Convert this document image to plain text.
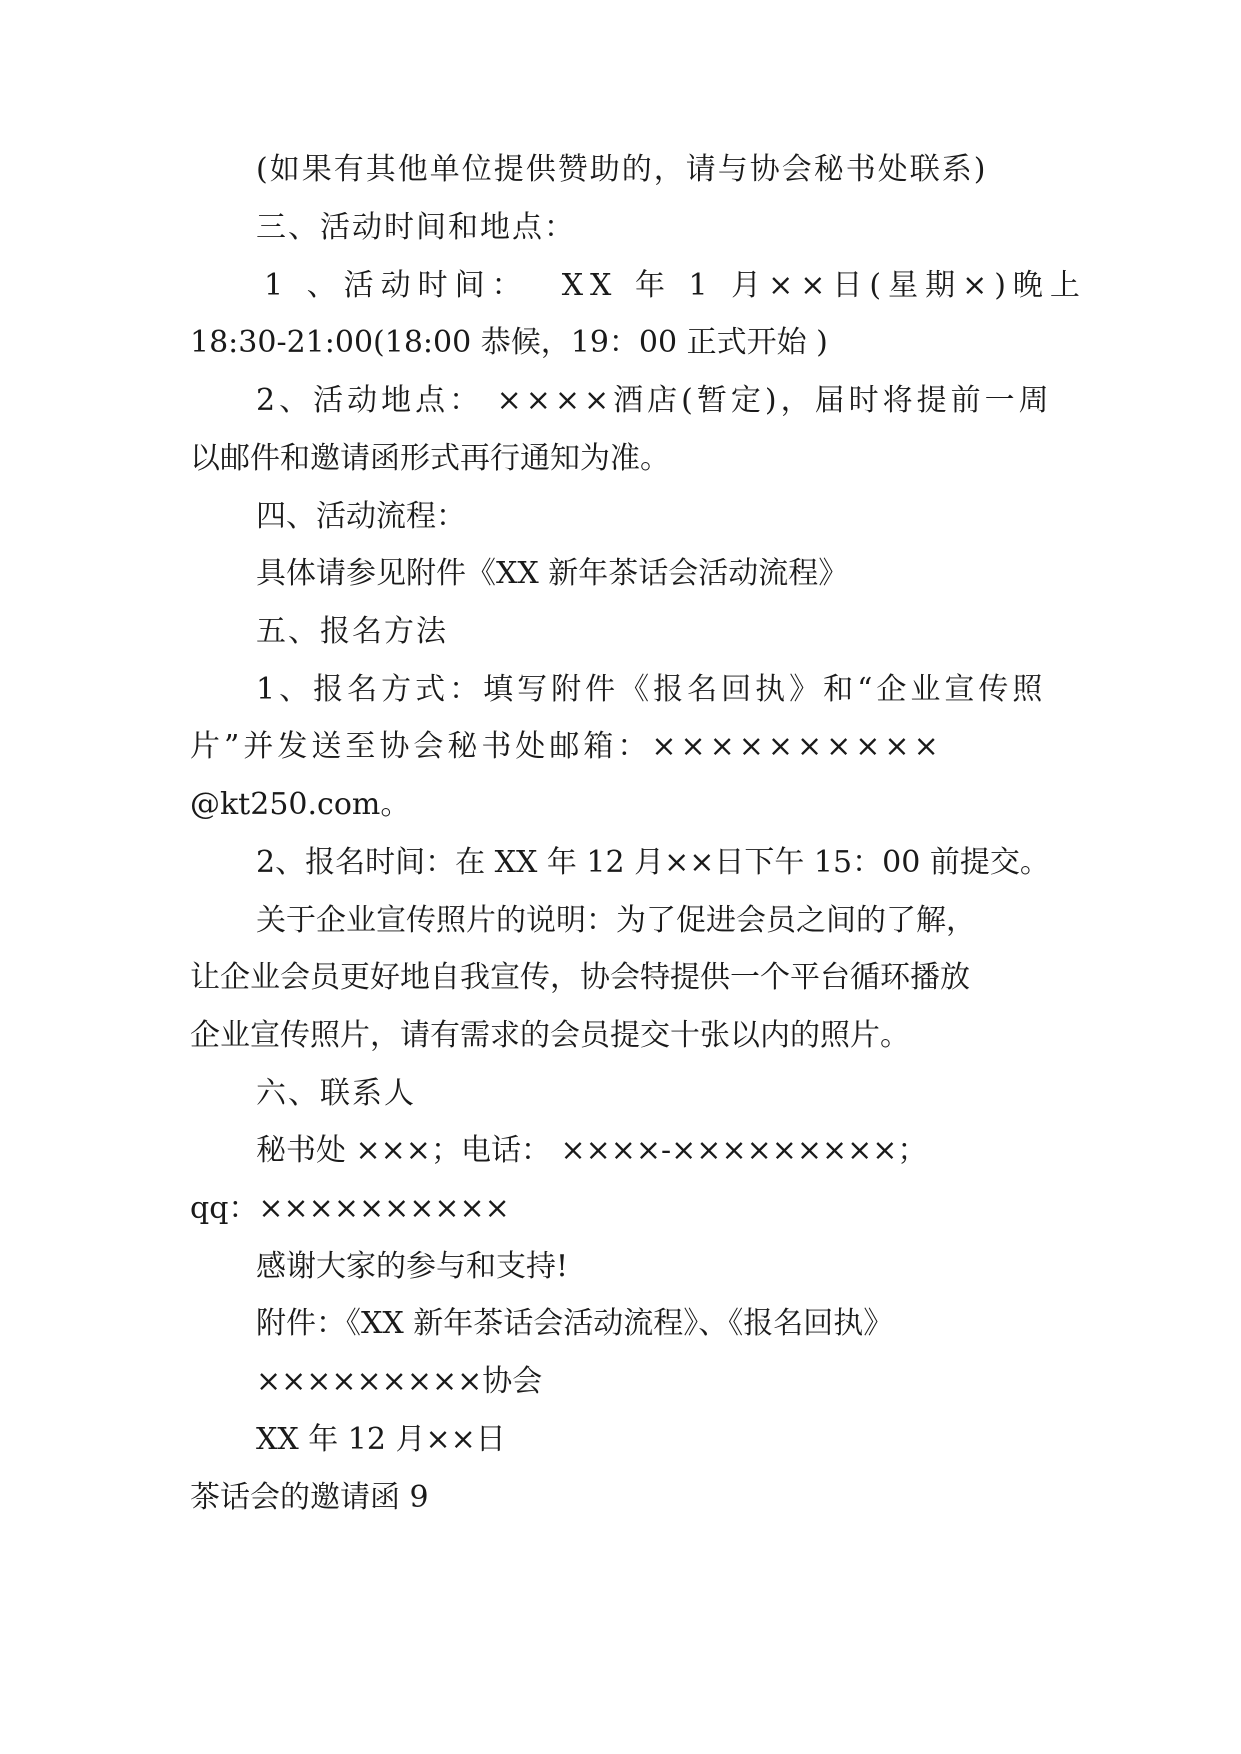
(如果有其他单位提供赞助的，请与协会秘书处联系)

三、活动时间和地点：

1 、活动时间：  XX 年 1 月××日(星期×)晚上

18:30-21:00(18:00 恭候，19：00 正式开始 )

2、活动地点： ××××酒店(暂定)，届时将提前一周

以邮件和邀请函形式再行通知为准。

四、活动流程：

具体请参见附件《XX 新年茶话会活动流程》

五、报名方法

1、报名方式：填写附件《报名回执》和“企业宣传照

片”并发送至协会秘书处邮箱：××××××××××

@kt250.com。

2、报名时间：在 XX 年 12 月××日下午 15：00 前提交。

关于企业宣传照片的说明：为了促进会员之间的了解，

让企业会员更好地自我宣传，协会特提供一个平台循环播放

企业宣传照片，请有需求的会员提交十张以内的照片。

六、联系人

秘书处 ×××；电话： ××××-×××××××××；

qq：××××××××××

感谢大家的参与和支持!

附件：《XX 新年茶话会活动流程》、《报名回执》

×××××××××协会

XX 年 12 月××日

茶话会的邀请函 9
